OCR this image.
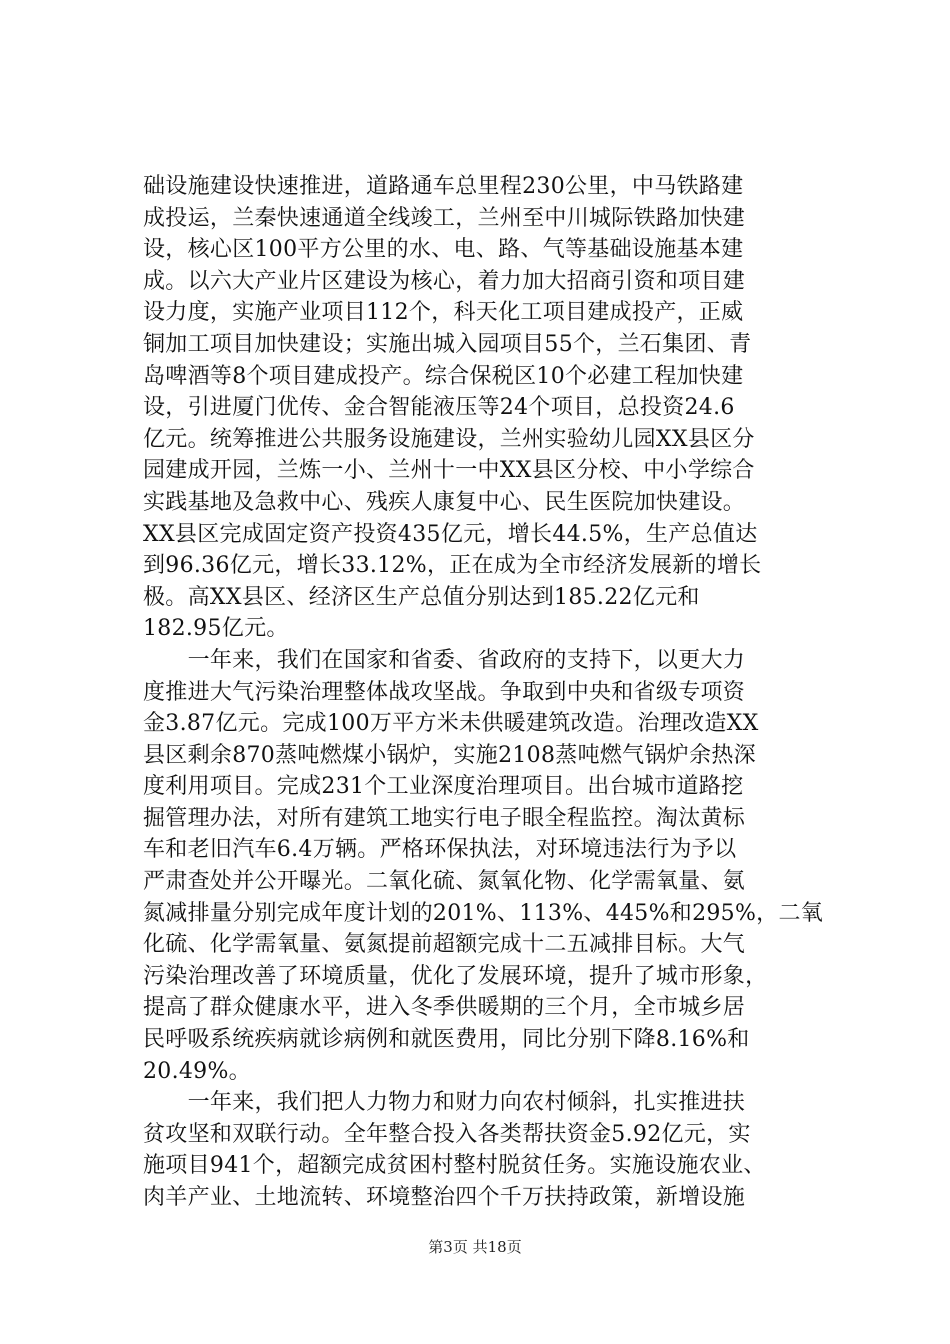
础设施建设快速推进，道路通车总里程230公里，中马铁路建
成投运，兰秦快速通道全线竣工，兰州至中川城际铁路加快建
设，核心区100平方公里的水、电、路、气等基础设施基本建
成。以六大产业片区建设为核心，着力加大招商引资和项目建
设力度，实施产业项目112个，科天化工项目建成投产，正威
铜加工项目加快建设；实施出城入园项目55个，兰石集团、青
岛啤酒等8个项目建成投产。综合保税区10个必建工程加快建
设，引进厦门优传、金合智能液压等24个项目，总投资24.6
亿元。统筹推进公共服务设施建设，兰州实验幼儿园XX县区分
园建成开园，兰炼一小、兰州十一中XX县区分校、中小学综合
实践基地及急救中心、残疾人康复中心、民生医院加快建设。
XX县区完成固定资产投资435亿元，增长44.5%，生产总值达
到96.36亿元，增长33.12%，正在成为全市经济发展新的增长
极。高XX县区、经济区生产总值分别达到185.22亿元和
182.95亿元。
　　一年来，我们在国家和省委、省政府的支持下，以更大力
度推进大气污染治理整体战攻坚战。争取到中央和省级专项资
金3.87亿元。完成100万平方米未供暖建筑改造。治理改造XX
县区剩余870蒸吨燃煤小锅炉，实施2108蒸吨燃气锅炉余热深
度利用项目。完成231个工业深度治理项目。出台城市道路挖
掘管理办法，对所有建筑工地实行电子眼全程监控。淘汰黄标
车和老旧汽车6.4万辆。严格环保执法，对环境违法行为予以
严肃查处并公开曝光。二氧化硫、氮氧化物、化学需氧量、氨
氮减排量分别完成年度计划的201%、113%、445%和295%，二氧
化硫、化学需氧量、氨氮提前超额完成十二五减排目标。大气
污染治理改善了环境质量，优化了发展环境，提升了城市形象，
提高了群众健康水平，进入冬季供暖期的三个月，全市城乡居
民呼吸系统疾病就诊病例和就医费用，同比分别下降8.16%和
20.49%。
　　一年来，我们把人力物力和财力向农村倾斜，扎实推进扶
贫攻坚和双联行动。全年整合投入各类帮扶资金5.92亿元，实
施项目941个，超额完成贫困村整村脱贫任务。实施设施农业、
肉羊产业、土地流转、环境整治四个千万扶持政策，新增设施
第3页 共18页
